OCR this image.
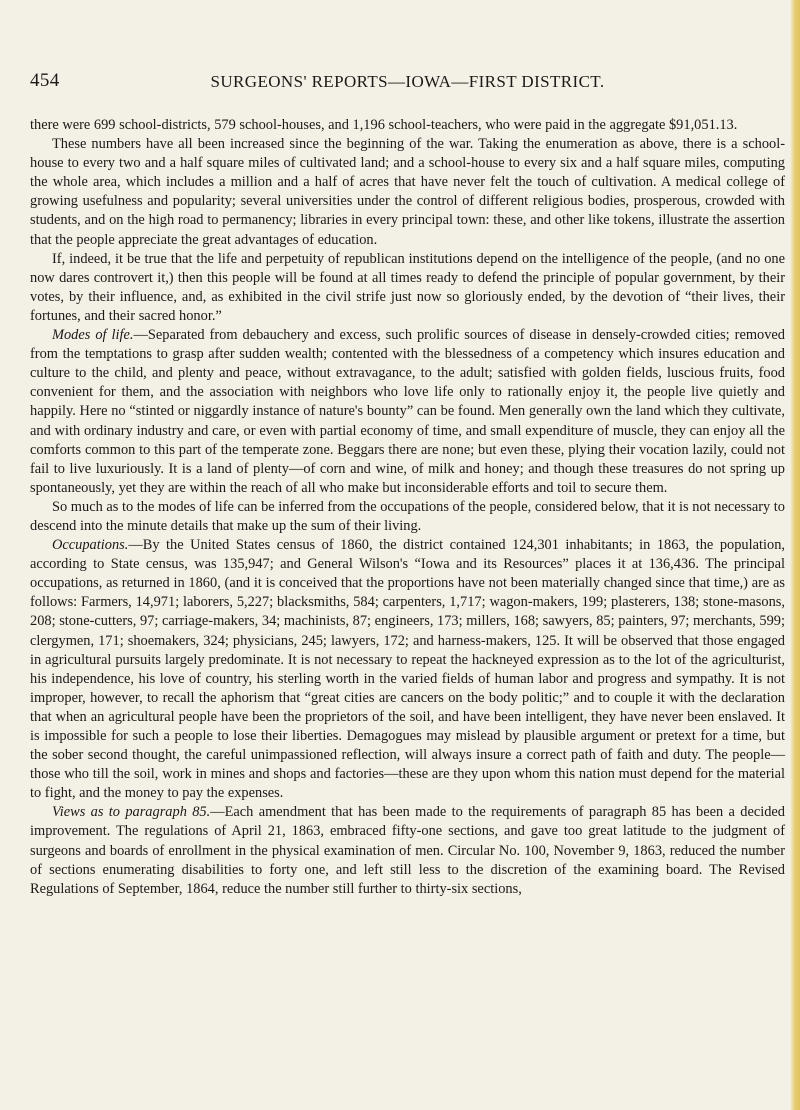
454	SURGEONS' REPORTS—IOWA—FIRST DISTRICT.

there were 699 school-districts, 579 school-houses, and 1,196 school-teachers, who were paid in the aggregate $91,051.13.

These numbers have all been increased since the beginning of the war. Taking the enumeration as above, there is a school-house to every two and a half square miles of cultivated land; and a school-house to every six and a half square miles, computing the whole area, which includes a million and a half of acres that have never felt the touch of cultivation. A medical college of growing usefulness and popularity; several universities under the control of different religious bodies, prosperous, crowded with students, and on the high road to permanency; libraries in every principal town: these, and other like tokens, illustrate the assertion that the people appreciate the great advantages of education.

If, indeed, it be true that the life and perpetuity of republican institutions depend on the intelligence of the people, (and no one now dares controvert it,) then this people will be found at all times ready to defend the principle of popular government, by their votes, by their influence, and, as exhibited in the civil strife just now so gloriously ended, by the devotion of “their lives, their fortunes, and their sacred honor.”

Modes of life.—Separated from debauchery and excess, such prolific sources of disease in densely-crowded cities; removed from the temptations to grasp after sudden wealth; contented with the blessedness of a competency which insures education and culture to the child, and plenty and peace, without extravagance, to the adult; satisfied with golden fields, luscious fruits, food convenient for them, and the association with neighbors who love life only to rationally enjoy it, the people live quietly and happily. Here no “stinted or niggardly instance of nature's bounty” can be found. Men generally own the land which they cultivate, and with ordinary industry and care, or even with partial economy of time, and small expenditure of muscle, they can enjoy all the comforts common to this part of the temperate zone. Beggars there are none; but even these, plying their vocation lazily, could not fail to live luxuriously. It is a land of plenty—of corn and wine, of milk and honey; and though these treasures do not spring up spontaneously, yet they are within the reach of all who make but inconsiderable efforts and toil to secure them.

So much as to the modes of life can be inferred from the occupations of the people, considered below, that it is not necessary to descend into the minute details that make up the sum of their living.

Occupations.—By the United States census of 1860, the district contained 124,301 inhabitants; in 1863, the population, according to State census, was 135,947; and General Wilson's “Iowa and its Resources” places it at 136,436. The principal occupations, as returned in 1860, (and it is conceived that the proportions have not been materially changed since that time,) are as follows: Farmers, 14,971; laborers, 5,227; blacksmiths, 584; carpenters, 1,717; wagon-makers, 199; plasterers, 138; stone-masons, 208; stone-cutters, 97; carriage-makers, 34; machinists, 87; engineers, 173; millers, 168; sawyers, 85; painters, 97; merchants, 599; clergymen, 171; shoemakers, 324; physicians, 245; lawyers, 172; and harness-makers, 125. It will be observed that those engaged in agricultural pursuits largely predominate. It is not necessary to repeat the hackneyed expression as to the lot of the agriculturist, his independence, his love of country, his sterling worth in the varied fields of human labor and progress and sympathy. It is not improper, however, to recall the aphorism that “great cities are cancers on the body politic;” and to couple it with the declaration that when an agricultural people have been the proprietors of the soil, and have been intelligent, they have never been enslaved. It is impossible for such a people to lose their liberties. Demagogues may mislead by plausible argument or pretext for a time, but the sober second thought, the careful unimpassioned reflection, will always insure a correct path of faith and duty. The people—those who till the soil, work in mines and shops and factories—these are they upon whom this nation must depend for the material to fight, and the money to pay the expenses.

Views as to paragraph 85.—Each amendment that has been made to the requirements of paragraph 85 has been a decided improvement. The regulations of April 21, 1863, embraced fifty-one sections, and gave too great latitude to the judgment of surgeons and boards of enrollment in the physical examination of men. Circular No. 100, November 9, 1863, reduced the number of sections enumerating disabilities to forty one, and left still less to the discretion of the examining board. The Revised Regulations of September, 1864, reduce the number still further to thirty-six sections,
